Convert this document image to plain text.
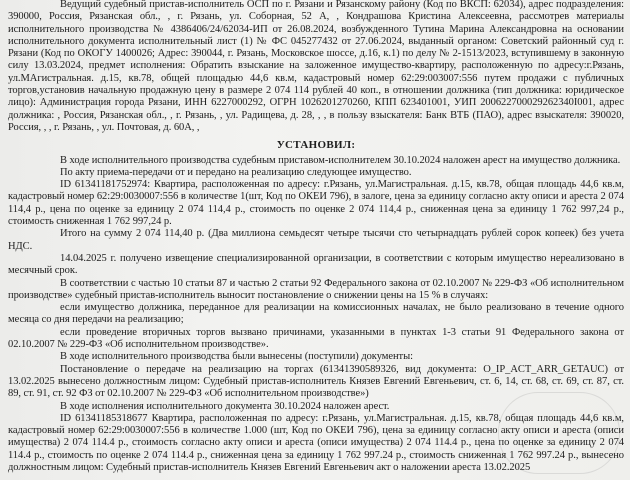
Ведущий судебный пристав-исполнитель ОСП по г. Рязани и Рязанскому району (Код по ВКСП: 62034), адрес подразделения: 390000, Россия, Рязанская обл., , г. Рязань, ул. Соборная, 52 А, , Кондрашова Кристина Алексеевна, рассмотрев материалы исполнительного производства № 4386406/24/62034-ИП от 26.08.2024, возбужденного Тутина Марина Александровна на основании исполнительного документа исполнительный лист (1) № ФС 045277432 от 27.06.2024, выданный органом: Советский районный суд г. Рязани (Код по ОКОГУ 1400026; Адрес: 390044, г. Рязань, Московское шоссе, д.16, к.1) по делу № 2-1513/2023, вступившему в законную силу 13.03.2024, предмет исполнения: Обратить взыскание на заложенное имущество-квартиру, расположенную по адресу:г.Рязань, ул.МАгистральная. д.15, кв.78, общей площадью 44,6 кв.м, кадастровый номер 62:29:003007:556 путем продажи с публичных торгов,установив начальную продажную цену в размере 2 074 114 рублей 40 коп., в отношении должника (тип должника: юридическое лицо): Администрация города Рязани, ИНН 6227000292, ОГРН 1026201270260, КПП 623401001, УИП 200622700029262340I001, адрес должника: , Россия, Рязанская обл., , г. Рязань, , ул. Радищева, д. 28, , , в пользу взыскателя: Банк ВТБ (ПАО), адрес взыскателя: 390020, Россия, , , г. Рязань, , ул. Почтовая, д. 60А, ,

УСТАНОВИЛ:

В ходе исполнительного производства судебным приставом-исполнителем 30.10.2024 наложен арест на имущество должника.

По акту приема-передачи от и передано на реализацию следующее имущество.

ID 61341181752974: Квартира, расположенная по адресу: г.Рязань, ул.Магистральная. д.15, кв.78, общая площадь 44,6 кв.м, кадастровый номер 62:29:0030007:556 в количестве 1(шт, Код по ОКЕИ 796), в залоге, цена за единицу согласно акту описи и ареста 2 074 114,4 р., цена по оценке за единицу 2 074 114,4 р., стоимость по оценке 2 074 114,4 р., сниженная цена за единицу 1 762 997,24 р., стоимость сниженная 1 762 997,24 р.

Итого на сумму 2 074 114,40 р. (Два миллиона семьдесят четыре тысячи сто четырнадцать рублей сорок копеек) без учета НДС.

14.04.2025 г. получено извещение специализированной организации, в соответствии с которым имущество нереализовано в месячный срок.

В соответствии с частью 10 статьи 87 и частью 2 статьи 92 Федерального закона от 02.10.2007 № 229-ФЗ «Об исполнительном производстве» судебный пристав-исполнитель выносит постановление о снижении цены на 15 % в случаях:

если имущество должника, переданное для реализации на комиссионных началах, не было реализовано в течение одного месяца со дня передачи на реализацию;

если проведение вторичных торгов вызвано причинами, указанными в пунктах 1-3 статьи 91 Федерального закона от 02.10.2007 № 229-ФЗ «Об исполнительном производстве».

В ходе исполнительного производства были вынесены (поступили) документы:

Постановление о передаче на реализацию на торгах (61341390589326, вид документа: O_IP_ACT_ARR_GETAUC) от 13.02.2025 вынесено должностным лицом: Судебный пристав-исполнитель Князев Евгений Евгеньевич, ст. 6, 14, ст. 68, ст. 69, ст. 87, ст. 89, ст. 91, ст. 92 ФЗ от 02.10.2007 № 229-ФЗ «Об исполнительном производстве»)

В ходе исполнения исполнительного документа 30.10.2024 наложен арест.

ID 61341185318677 Квартира, расположенная по адресу: г.Рязань, ул.Магистральная. д.15, кв.78, общая площадь 44,6 кв.м, кадастровый номер 62:29:0030007:556 в количестве 1.000 (шт, Код по ОКЕИ 796), цена за единицу согласно акту описи и ареста (описи имущества) 2 074 114.4 р., стоимость согласно акту описи и ареста (описи имущества) 2 074 114.4 р., цена по оценке за единицу 2 074 114.4 р., стоимость по оценке 2 074 114.4 р., сниженная цена за единицу 1 762 997.24 р., стоимость сниженная 1 762 997.24 р., вынесено должностным лицом: Судебный пристав-исполнитель Князев Евгений Евгеньевич акт о наложении ареста 13.02.2025
